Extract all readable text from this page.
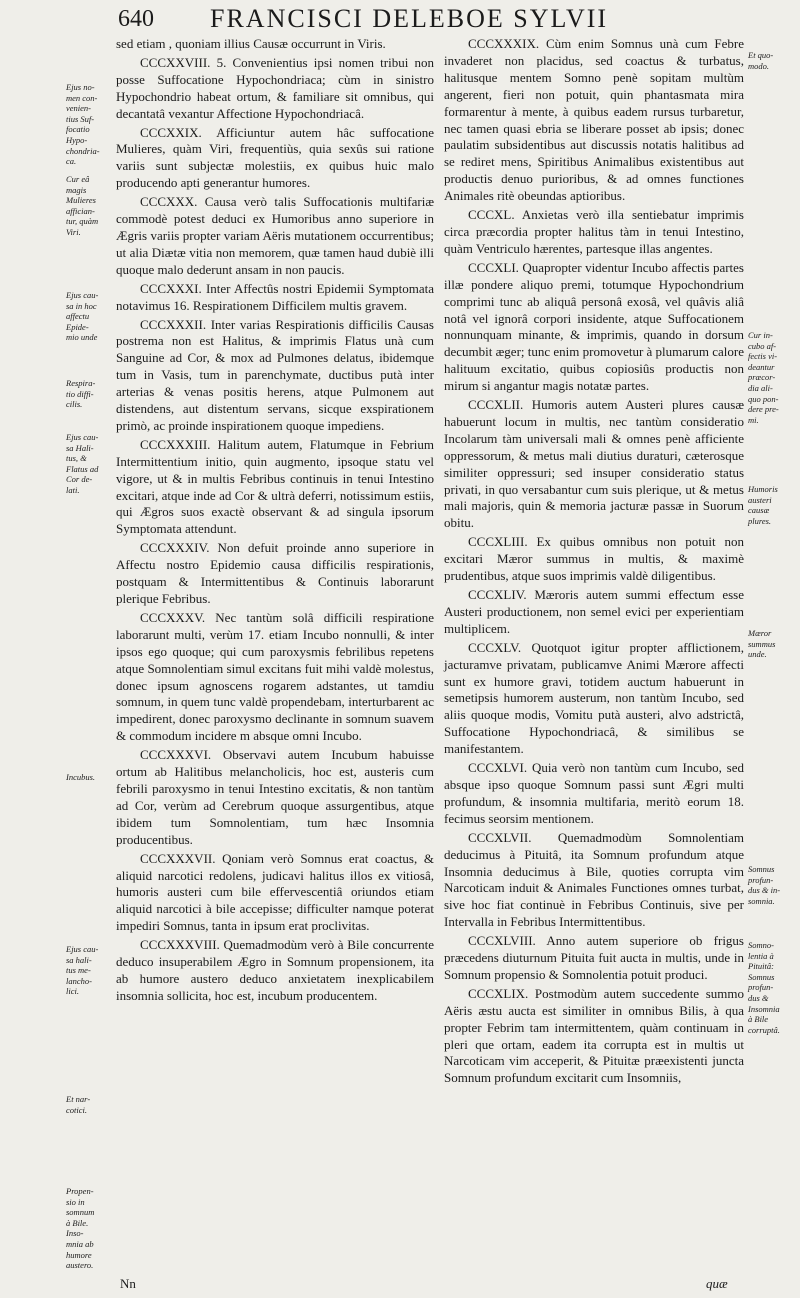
640 FRANCISCI DELEBOE SYLVII

sed etiam , quoniam illius Causæ occurrunt in Viris.

CCCXXVIII. 5. Convenientius ipsi nomen tribui non posse Suffocatione Hypochondriaca; cùm in sinistro Hypochondrio habeat ortum, & familiare sit omnibus, qui decantatâ vexantur Affectione Hypochondriacâ.

CCCXXIX. Afficiuntur autem hâc suffocatione Mulieres, quàm Viri, frequentiùs, quia sexûs sui ratione variis sunt subjectæ molestiis, ex quibus huic malo producendo apti generantur humores.

CCCXXX. Causa verò talis Suffocationis multifariæ commodè potest deduci ex Humoribus anno superiore in Ægris variis propter variam Aëris mutationem occurrentibus; ut alia Diætæ vitia non memorem, quæ tamen haud dubiè illi quoque malo dederunt ansam in non paucis.

CCCXXXI. Inter Affectûs nostri Epidemii Symptomata notavimus 16. Respirationem Difficilem multis gravem.

CCCXXXII. Inter varias Respirationis difficilis Causas postrema non est Halitus, & imprimis Flatus unà cum Sanguine ad Cor, & mox ad Pulmones delatus, ibidemque tum in Vasis, tum in parenchymate, ductibus putà inter arterias & venas positis herens, atque Pulmonem aut distendens, aut distentum servans, sicque exspirationem primò, ac proinde inspirationem quoque impediens.

CCCXXXIII. Halitum autem, Flatumque in Febrium Intermittentium initio, quin augmento, ipsoque statu vel vigore, ut & in multis Febribus continuis in tenui Intestino excitari, atque inde ad Cor & ultrà deferri, notissimum estiis, qui Ægros suos exactè observant & ad singula ipsorum Symptomata attendunt.

CCCXXXIV. Non defuit proinde anno superiore in Affectu nostro Epidemio causa difficilis respirationis, postquam & Intermittentibus & Continuis laborarunt plerique Febribus.

CCCXXXV. Nec tantùm solâ difficili respiratione laborarunt multi, verùm 17. etiam Incubo nonnulli, & inter ipsos ego quoque; qui cum paroxysmis febrilibus repetens atque Somnolentiam simul excitans fuit mihi valdè molestus, donec ipsum agnoscens rogarem adstantes, ut tamdiu somnum, in quem tunc valdè propendebam, interturbarent ac impedirent, donec paroxysmo declinante in somnum suavem & commodum incidere m absque omni Incubo.

CCCXXXVI. Observavi autem Incubum habuisse ortum ab Halitibus melancholicis, hoc est, austeris cum febrili paroxysmo in tenui Intestino excitatis, & non tantùm ad Cor, verùm ad Cerebrum quoque assurgentibus, atque ibidem tum Somnolentiam, tum hæc Insomnia producentibus.

CCCXXXVII. Qoniam verò Somnus erat coactus, & aliquid narcotici redolens, judicavi halitus illos ex vitiosâ, humoris austeri cum bile effervescentiâ oriundos etiam aliquid narcotici à bile accepisse; difficulter namque poterat impediri Somnus, tanta in ipsum erat proclivitas.

CCCXXXVIII. Quemadmodùm verò à Bile concurrente deduco insuperabilem Ægro in Somnum propensionem, ita ab humore austero deduco anxietatem inexplicabilem insomnia sollicita, hoc est, incubum producentem.

CCCXXXIX. Cùm enim Somnus unà cum Febre invaderet non placidus, sed coactus & turbatus, halitusque mentem Somno penè sopitam multùm angerent, fieri non potuit, quin phantasmata mira formarentur à mente, à quibus eadem rursus turbaretur, nec tamen quasi ebria se liberare posset ab ipsis; donec paulatim subsidentibus aut discussis notatis halitibus ad se rediret mens, Spiritibus Animalibus existentibus aut productis denuo purioribus, & ad omnes functiones Animales ritè obeundas aptioribus.

CCCXL. Anxietas verò illa sentiebatur imprimis circa præcordia propter halitus tàm in tenui Intestino, quàm Ventriculo hærentes, partesque illas angentes.

CCCXLI. Quapropter videntur Incubo affectis partes illæ pondere aliquo premi, totumque Hypochondrium comprimi tunc ab aliquâ personâ exosâ, vel quâvis aliâ notâ vel ignorâ corpori insidente, atque Suffocationem nonnunquam minante, & imprimis, quando in dorsum decumbit æger; tunc enim promovetur à plumarum calore halituum excitatio, quibus copiosiûs productis non mirum si angantur magis notatæ partes.

CCCXLII. Humoris autem Austeri plures causæ habuerunt locum in multis, nec tantùm consideratio Incolarum tàm universali mali & omnes penè afficiente oppressorum, & metus mali diutius duraturi, cæterosque similiter oppressuri; sed insuper consideratio status privati, in quo versabantur cum suis plerique, ut & metus mali majoris, quin & memoria jacturæ passæ in Suorum obitu.

CCCXLIII. Ex quibus omnibus non potuit non excitari Mæror summus in multis, & maximè prudentibus, atque suos imprimis valdè diligentibus.

CCCXLIV. Mæroris autem summi effectum esse Austeri productionem, non semel evici per experientiam multiplicem.

CCCXLV. Quotquot igitur propter afflictionem, jacturamve privatam, publicamve Animi Mærore affecti sunt ex humore gravi, totidem auctum habuerunt in semetipsis humorem austerum, non tantùm Incubo, sed aliis quoque modis, Vomitu putà austeri, alvo adstrictâ, Suffocatione Hypochondriacâ, & similibus se manifestantem.

CCCXLVI. Quia verò non tantùm cum Incubo, sed absque ipso quoque Somnum passi sunt Ægri multi profundum, & insomnia multifaria, meritò eorum 18. fecimus seorsim mentionem.

CCCXLVII. Quemadmodùm Somnolentiam deducimus à Pituitâ, ita Somnum profundum atque Insomnia deducimus à Bile, quoties corrupta vim Narcoticam induit & Animales Functiones omnes turbat, sive hoc fiat continuè in Febribus Continuis, sive per Intervalla in Febribus Intermittentibus.

CCCXLVIII. Anno autem superiore ob frigus præcedens diuturnum Pituita fuit aucta in multis, unde in Somnum propensio & Somnolentia potuit produci.

CCCXLIX. Postmodùm autem succedente summo Aëris æstu aucta est similiter in omnibus Bilis, à qua propter Febrim tam intermittentem, quàm continuam in pleri que ortam, eadem ita corrupta est in multis ut Narcoticam vim acceperit, & Pituitæ præexistenti juncta Somnum profundum excitarit cum Insomniis,

Ejus no-
men con-
venien-
tius Suf-
focatio
Hypo-
chondria-
ca.
Cur eâ
magis
Mulieres
affician-
tur, quàm
Viri.
Ejus cau-
sa in hoc
affectu
Epide-
mio unde
Respira-
tio diffi-
cilis.
Ejus cau-
sa Hali-
tus, &
Flatus ad
Cor de-
lati.
Incubus.
Ejus cau-
sa hali-
tus me-
lancho-
lici.
Et nar-
cotici.
Propen-
sio in
somnum
à Bile.
Inso-
mnia ab
humore
austero.
Et quo-
modo.
Cur in-
cubo af-
fectis vi-
deantur
præcor-
dia ali-
quo pon-
dere pre-
mi.
Humoris
austeri
causæ
plures.
Mæror
summus
unde.
Somnus
profun-
dus & in-
somnia.
Somno-
lentia à
Pituitâ:
Somnus
profun-
dus &
Insomnia
à Bile
corruptâ.
Nn	quæ
